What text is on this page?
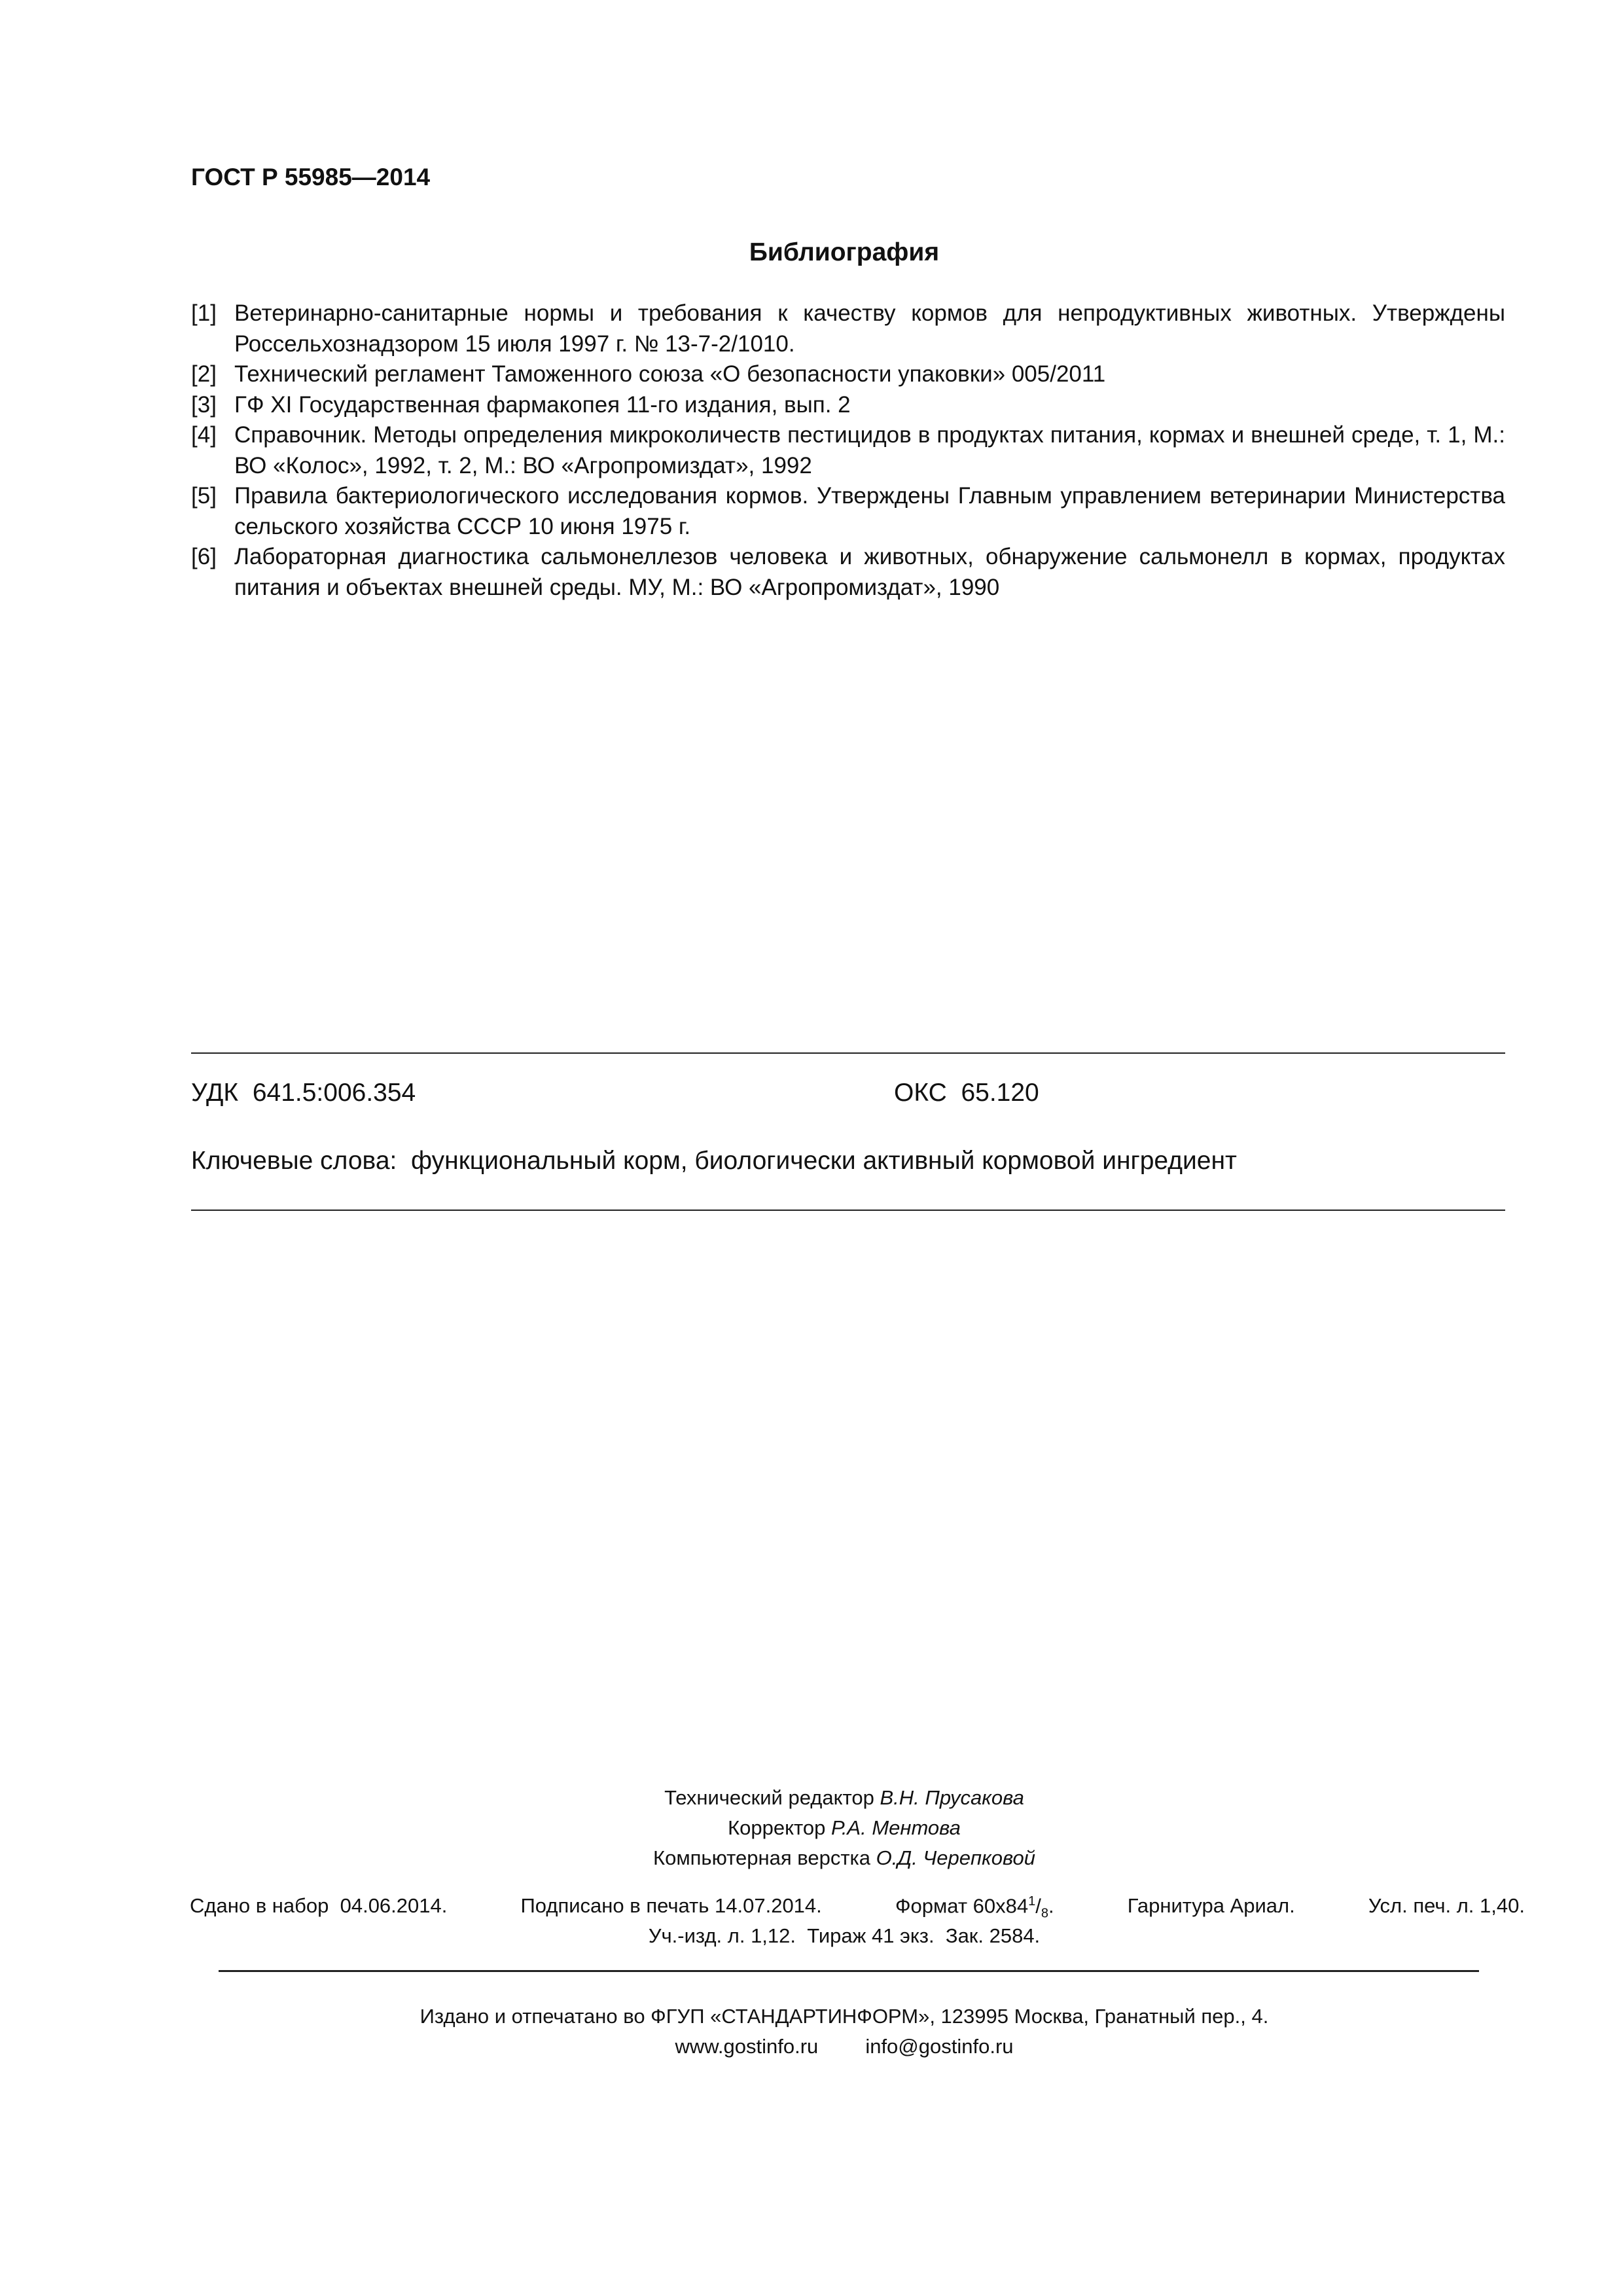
ГОСТ Р 55985—2014
Библиография
[1] Ветеринарно-санитарные нормы и требования к качеству кормов для непродуктивных животных. Утверждены Россельхознадзором 15 июля 1997 г. № 13-7-2/1010.
[2] Технический регламент Таможенного союза «О безопасности упаковки» 005/2011
[3] ГФ XI Государственная фармакопея 11-го издания, вып. 2
[4] Справочник. Методы определения микроколичеств пестицидов в продуктах питания, кормах и внешней среде, т. 1, М.: ВО «Колос», 1992, т. 2, М.: ВО «Агропромиздат», 1992
[5] Правила бактериологического исследования кормов. Утверждены Главным управлением ветеринарии Министерства сельского хозяйства СССР 10 июня 1975 г.
[6] Лабораторная диагностика сальмонеллезов человека и животных, обнаружение сальмонелл в кормах, продуктах питания и объектах внешней среды. МУ, М.: ВО «Агропромиздат», 1990
УДК 641.5:006.354	ОКС 65.120
Ключевые слова: функциональный корм, биологически активный кормовой ингредиент
Технический редактор В.Н. Прусакова
Корректор Р.А. Ментова
Компьютерная верстка О.Д. Черепковой
Сдано в набор  04.06.2014.	Подписано в печать 14.07.2014.	Формат $60x84^1/_8$.	Гарнитура Ариал.	Усл. печ. л. 1,40.
Уч.-изд. л. 1,12.  Тираж 41 экз.  Зак. 2584.
Издано и отпечатано во ФГУП «СТАНДАРТИНФОРМ», 123995 Москва, Гранатный пер., 4.
www.gostinfo.ru info@gostinfo.ru
